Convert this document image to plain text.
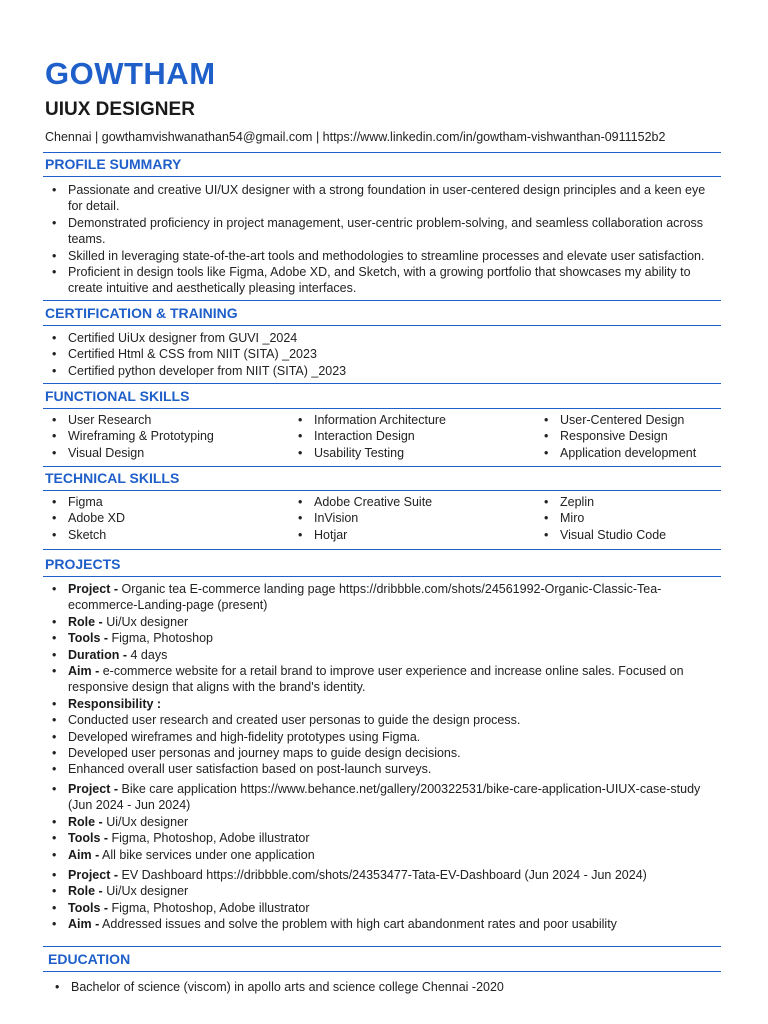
GOWTHAM
UIUX DESIGNER
Chennai | gowthamvishwanathan54@gmail.com | https://www.linkedin.com/in/gowtham-vishwanthan-0911152b2
PROFILE SUMMARY
• Passionate and creative UI/UX designer with a strong foundation in user-centered design principles and a keen eye for detail.
• Demonstrated proficiency in project management, user-centric problem-solving, and seamless collaboration across teams.
• Skilled in leveraging state-of-the-art tools and methodologies to streamline processes and elevate user satisfaction.
• Proficient in design tools like Figma, Adobe XD, and Sketch, with a growing portfolio that showcases my ability to create intuitive and aesthetically pleasing interfaces.
CERTIFICATION & TRAINING
• Certified UiUx designer from GUVI _2024
• Certified Html & CSS from NIIT (SITA) _2023
• Certified python developer from NIIT (SITA) _2023
FUNCTIONAL SKILLS
• User Research
• Wireframing & Prototyping
• Visual Design
• Information Architecture
• Interaction Design
• Usability Testing
• User-Centered Design
• Responsive Design
• Application development
TECHNICAL SKILLS
• Figma
• Adobe XD
• Sketch
• Adobe Creative Suite
• InVision
• Hotjar
• Zeplin
• Miro
• Visual Studio Code
PROJECTS
• Project - Organic tea E-commerce landing page https://dribbble.com/shots/24561992-Organic-Classic-Tea-ecommerce-Landing-page (present)
• Role - Ui/Ux designer
• Tools - Figma, Photoshop
• Duration - 4 days
• Aim - e-commerce website for a retail brand to improve user experience and increase online sales. Focused on responsive design that aligns with the brand's identity.
• Responsibility :
• Conducted user research and created user personas to guide the design process.
• Developed wireframes and high-fidelity prototypes using Figma.
• Developed user personas and journey maps to guide design decisions.
• Enhanced overall user satisfaction based on post-launch surveys.
• Project - Bike care application https://www.behance.net/gallery/200322531/bike-care-application-UIUX-case-study (Jun 2024 - Jun 2024)
• Role - Ui/Ux designer
• Tools - Figma, Photoshop, Adobe illustrator
• Aim - All bike services under one application
• Project - EV Dashboard https://dribbble.com/shots/24353477-Tata-EV-Dashboard (Jun 2024 - Jun 2024)
• Role - Ui/Ux designer
• Tools - Figma, Photoshop, Adobe illustrator
• Aim - Addressed issues and solve the problem with high cart abandonment rates and poor usability
EDUCATION
• Bachelor of science (viscom) in apollo arts and science college Chennai -2020
